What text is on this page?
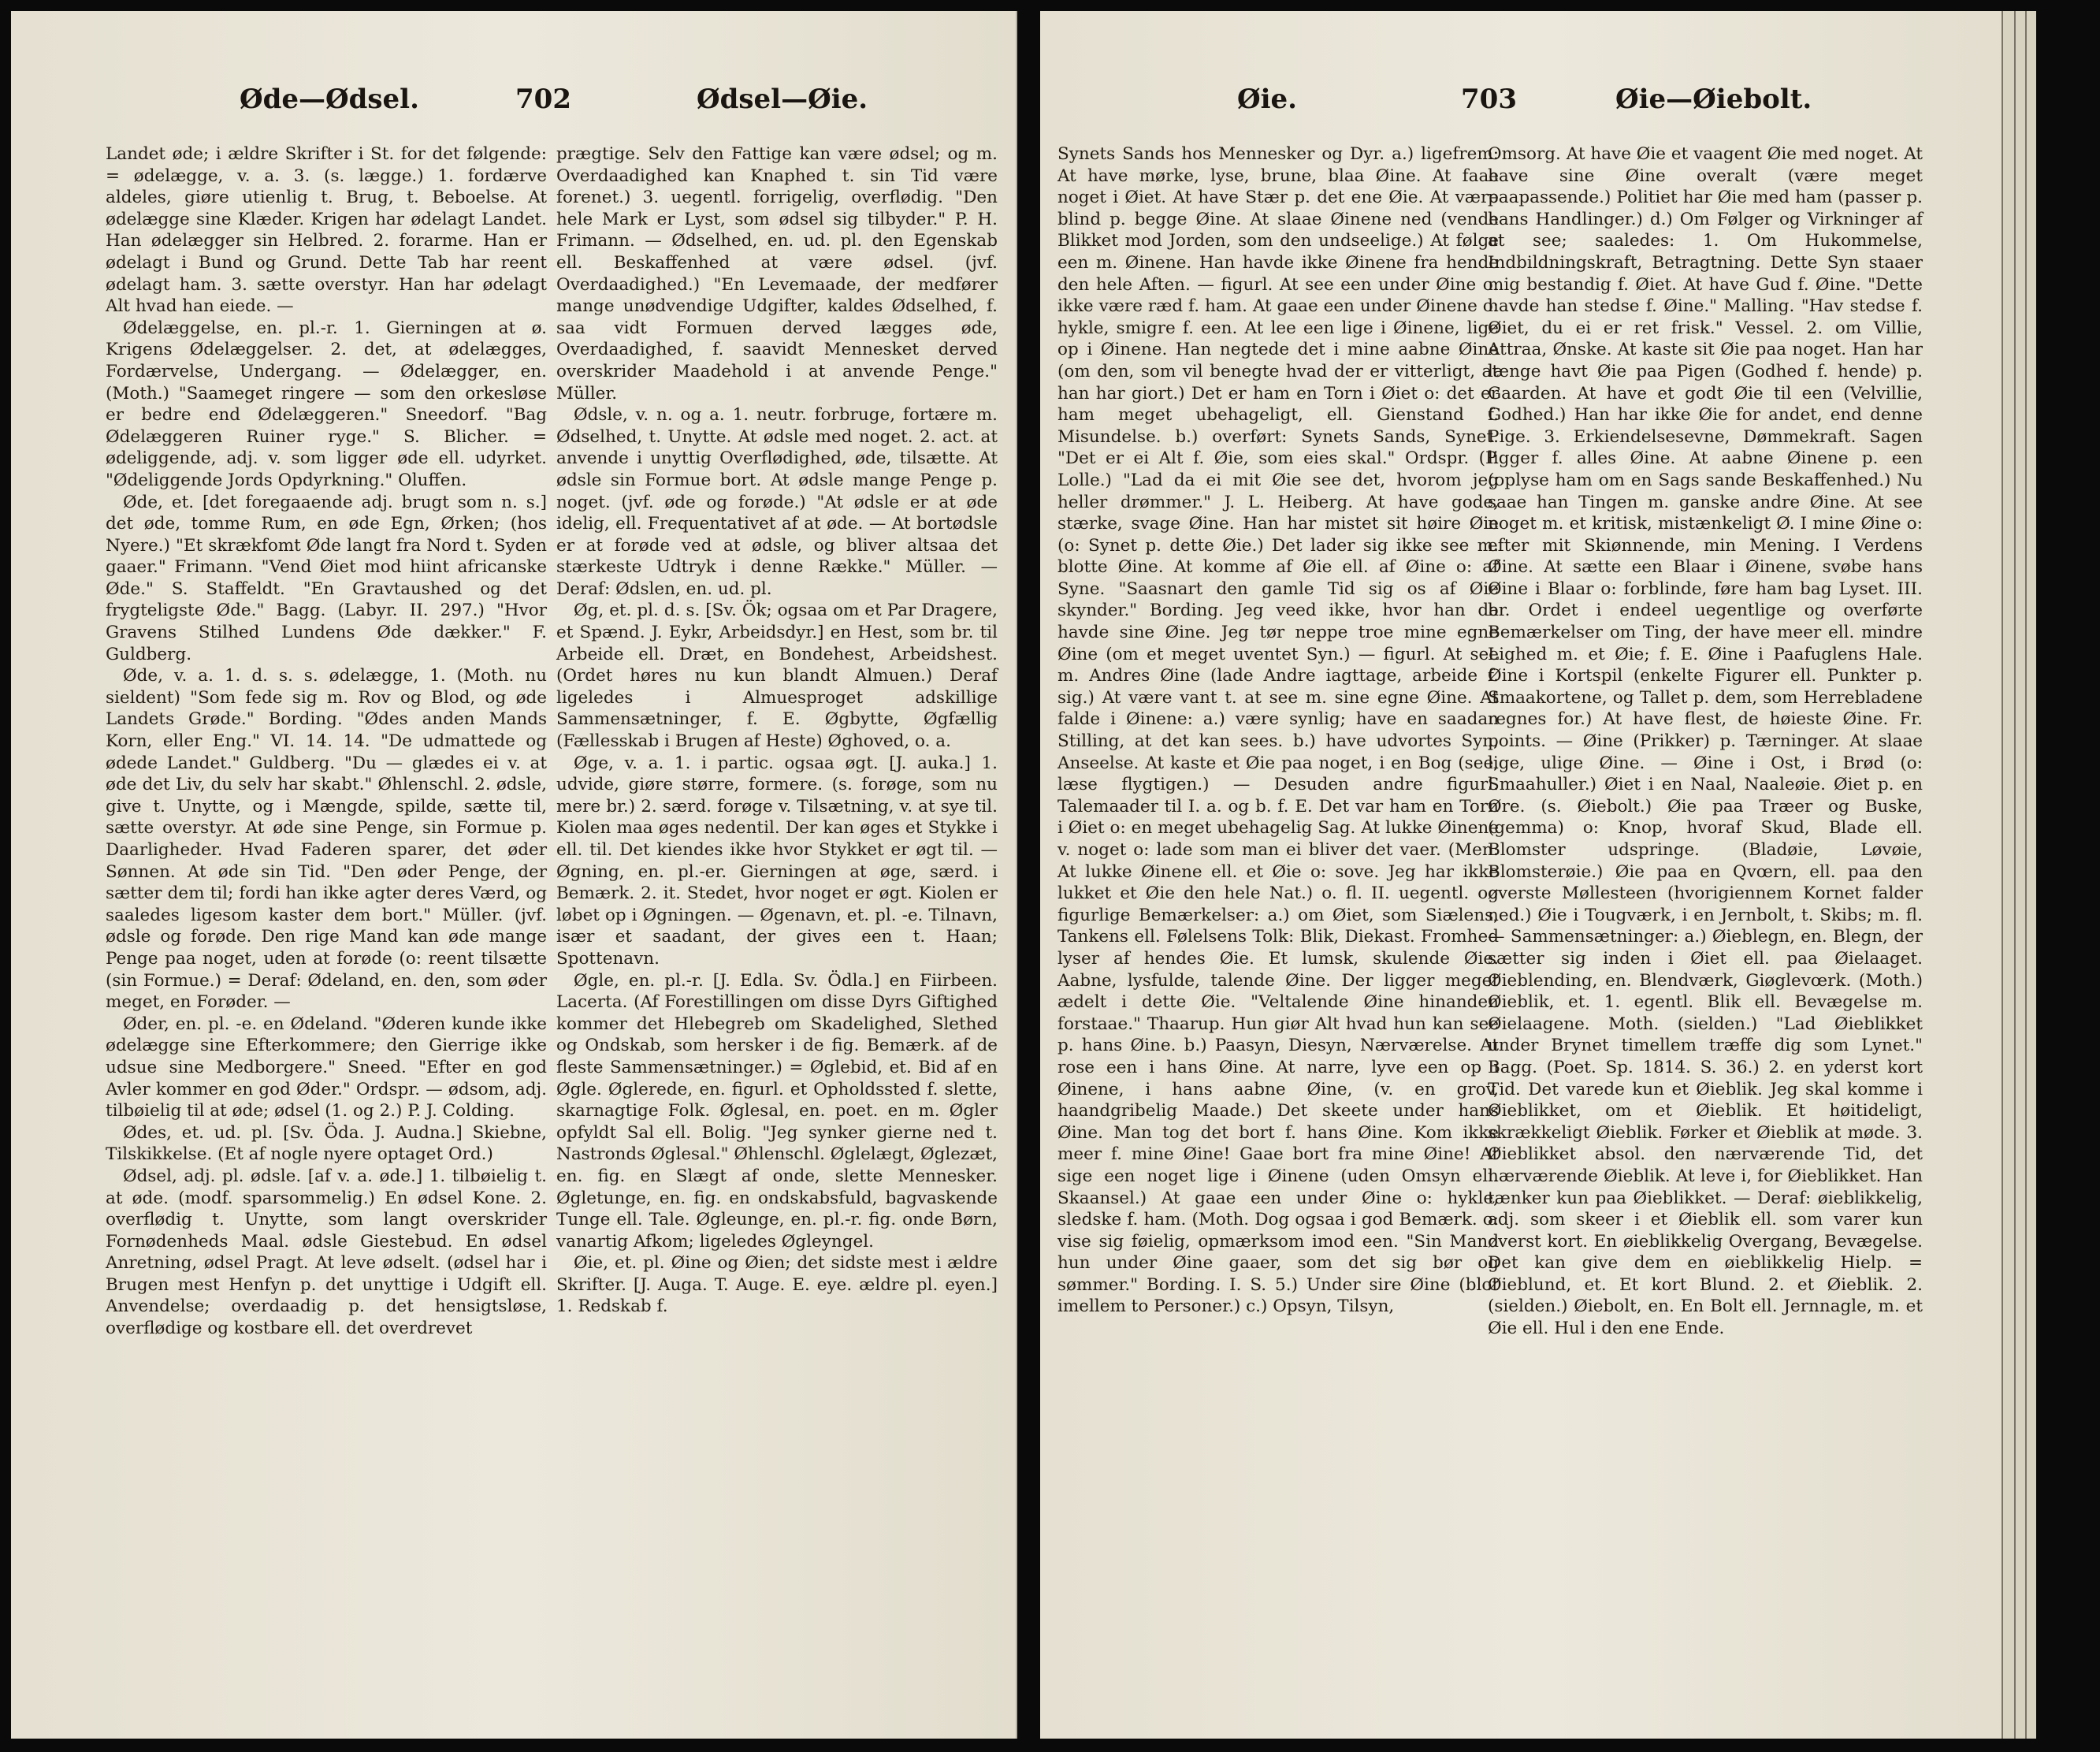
Øde—Ødsel.	702	Ødsel—Øie.

Landet øde; i ældre Skrifter i St. for det følgende: = ødelægge, v. a. 3. (s. lægge.) 1. fordærve aldeles, giøre utienlig t. Brug, t. Beboelse. At ødelægge sine Klæder. Krigen har ødelagt Landet. Han ødelægger sin Helbred. 2. forarme. Han er ødelagt i Bund og Grund. Dette Tab har reent ødelagt ham. 3. sætte overstyr. Han har ødelagt Alt hvad han eiede. —

Ødelæggelse, en. pl.-r. 1. Gierningen at ø. Krigens Ødelæggelser. 2. det, at ødelægges, Fordærvelse, Undergang. — Ødelægger, en. (Moth.) "Saameget ringere — som den orkesløse er bedre end Ødelæggeren." Sneedorf. "Bag Ødelæggeren Ruiner ryge." S. Blicher. = ødeliggende, adj. v. som ligger øde ell. udyrket. "Ødeliggende Jords Opdyrkning." Oluffen.

Øde, et. [det foregaaende adj. brugt som n. s.] det øde, tomme Rum, en øde Egn, Ørken; (hos Nyere.) "Et skrækfomt Øde langt fra Nord t. Syden gaaer." Frimann. "Vend Øiet mod hiint africanske Øde." S. Staffeldt. "En Gravtaushed og det frygteligste Øde." Bagg. (Labyr. II. 297.) "Hvor Gravens Stilhed Lundens Øde dækker." F. Guldberg.

Øde, v. a. 1. d. s. s. ødelægge, 1. (Moth. nu sieldent) "Som fede sig m. Rov og Blod, og øde Landets Grøde." Bording. "Ødes anden Mands Korn, eller Eng." VI. 14. 14. "De udmattede og ødede Landet." Guldberg. "Du — glædes ei v. at øde det Liv, du selv har skabt." Øhlenschl. 2. ødsle, give t. Unytte, og i Mængde, spilde, sætte til, sætte overstyr. At øde sine Penge, sin Formue p. Daarligheder. Hvad Faderen sparer, det øder Sønnen. At øde sin Tid. "Den øder Penge, der sætter dem til; fordi han ikke agter deres Værd, og saaledes ligesom kaster dem bort." Müller. (jvf. ødsle og forøde. Den rige Mand kan øde mange Penge paa noget, uden at forøde (o: reent tilsætte (sin Formue.) = Deraf: Ødeland, en. den, som øder meget, en Forøder. —

Øder, en. pl. -e. en Ødeland. "Øderen kunde ikke ødelægge sine Efterkommere; den Gierrige ikke udsue sine Medborgere." Sneed. "Efter en god Avler kommer en god Øder." Ordspr. — ødsom, adj. tilbøielig til at øde; ødsel (1. og 2.) P. J. Colding.

Ødes, et. ud. pl. [Sv. Öda. J. Audna.] Skiebne, Tilskikkelse. (Et af nogle nyere optaget Ord.)

Ødsel, adj. pl. ødsle. [af v. a. øde.] 1. tilbøielig t. at øde. (modf. sparsommelig.) En ødsel Kone. 2. overflødig t. Unytte, som langt overskrider Fornødenheds Maal. ødsle Giestebud. En ødsel Anretning, ødsel Pragt. At leve ødselt. (ødsel har i Brugen mest Henfyn p. det unyttige i Udgift ell. Anvendelse; overdaadig p. det hensigtsløse, overflødige og kostbare ell. det overdrevet

prægtige. Selv den Fattige kan være ødsel; og m. Overdaadighed kan Knaphed t. sin Tid være forenet.) 3. uegentl. forrigelig, overflødig. "Den hele Mark er Lyst, som ødsel sig tilbyder." P. H. Frimann. — Ødselhed, en. ud. pl. den Egenskab ell. Beskaffenhed at være ødsel. (jvf. Overdaadighed.) "En Levemaade, der medfører mange unødvendige Udgifter, kaldes Ødselhed, f. saa vidt Formuen derved lægges øde, Overdaadighed, f. saavidt Mennesket derved overskrider Maadehold i at anvende Penge." Müller.

Ødsle, v. n. og a. 1. neutr. forbruge, fortære m. Ødselhed, t. Unytte. At ødsle med noget. 2. act. at anvende i unyttig Overflødighed, øde, tilsætte. At ødsle sin Formue bort. At ødsle mange Penge p. noget. (jvf. øde og forøde.) "At ødsle er at øde idelig, ell. Frequentativet af at øde. — At bortødsle er at forøde ved at ødsle, og bliver altsaa det stærkeste Udtryk i denne Række." Müller. — Deraf: Ødslen, en. ud. pl.

Øg, et. pl. d. s. [Sv. Ök; ogsaa om et Par Dragere, et Spænd. J. Eykr, Arbeidsdyr.] en Hest, som br. til Arbeide ell. Dræt, en Bondehest, Arbeidshest. (Ordet høres nu kun blandt Almuen.) Deraf ligeledes i Almuesproget adskillige Sammensætninger, f. E. Øgbytte, Øgfællig (Fællesskab i Brugen af Heste) Øghoved, o. a.

Øge, v. a. 1. i partic. ogsaa øgt. [J. auka.] 1. udvide, giøre større, formere. (s. forøge, som nu mere br.) 2. særd. forøge v. Tilsætning, v. at sye til. Kiolen maa øges nedentil. Der kan øges et Stykke i ell. til. Det kiendes ikke hvor Stykket er øgt til. — Øgning, en. pl.-er. Gierningen at øge, særd. i Bemærk. 2. it. Stedet, hvor noget er øgt. Kiolen er løbet op i Øgningen. — Øgenavn, et. pl. -e. Tilnavn, især et saadant, der gives een t. Haan; Spottenavn.

Øgle, en. pl.-r. [J. Edla. Sv. Ödla.] en Fiirbeen. Lacerta. (Af Forestillingen om disse Dyrs Giftighed kommer det Hlebegreb om Skadelighed, Slethed og Ondskab, som hersker i de fig. Bemærk. af de fleste Sammensætninger.) = Øglebid, et. Bid af en Øgle. Øglerede, en. figurl. et Opholdssted f. slette, skarnagtige Folk. Øglesal, en. poet. en m. Øgler opfyldt Sal ell. Bolig. "Jeg synker gierne ned t. Nastronds Øglesal." Øhlenschl. Øglelægt, Øglezæt, en. fig. en Slægt af onde, slette Mennesker. Øgletunge, en. fig. en ondskabsfuld, bagvaskende Tunge ell. Tale. Øgleunge, en. pl.-r. fig. onde Børn, vanartig Afkom; ligeledes Øgleyngel.

Øie, et. pl. Øine og Øien; det sidste mest i ældre Skrifter. [J. Auga. T. Auge. E. eye. ældre pl. eyen.] 1. Redskab f.

Øie.	703	Øie—Øiebolt.

Synets Sands hos Mennesker og Dyr. a.) ligefrem: At have mørke, lyse, brune, blaa Øine. At faae noget i Øiet. At have Stær p. det ene Øie. At være blind p. begge Øine. At slaae Øinene ned (vende Blikket mod Jorden, som den undseelige.) At følge een m. Øinene. Han havde ikke Øinene fra hende den hele Aften. — figurl. At see een under Øine o: ikke være ræd f. ham. At gaae een under Øinene o: hykle, smigre f. een. At lee een lige i Øinene, lige op i Øinene. Han negtede det i mine aabne Øine (om den, som vil benegte hvad der er vitterligt, at han har giort.) Det er ham en Torn i Øiet o: det er ham meget ubehageligt, ell. Gienstand f. Misundelse. b.) overført: Synets Sands, Synet. "Det er ei Alt f. Øie, som eies skal." Ordspr. (P. Lolle.) "Lad da ei mit Øie see det, hvorom jeg heller drømmer." J. L. Heiberg. At have gode, stærke, svage Øine. Han har mistet sit høire Øie (o: Synet p. dette Øie.) Det lader sig ikke see m. blotte Øine. At komme af Øie ell. af Øine o: af Syne. "Saasnart den gamle Tid sig os af Øie skynder." Bording. Jeg veed ikke, hvor han da havde sine Øine. Jeg tør neppe troe mine egne Øine (om et meget uventet Syn.) — figurl. At see m. Andres Øine (lade Andre iagttage, arbeide f. sig.) At være vant t. at see m. sine egne Øine. At falde i Øinene: a.) være synlig; have en saadan Stilling, at det kan sees. b.) have udvortes Syn, Anseelse. At kaste et Øie paa noget, i en Bog (see, læse flygtigen.) — Desuden andre figurl. Talemaader til I. a. og b. f. E. Det var ham en Torn i Øiet o: en meget ubehagelig Sag. At lukke Øinene v. noget o: lade som man ei bliver det vaer. (Men: At lukke Øinene ell. et Øie o: sove. Jeg har ikke lukket et Øie den hele Nat.) o. fl. II. uegentl. og figurlige Bemærkelser: a.) om Øiet, som Siælens, Tankens ell. Følelsens Tolk: Blik, Diekast. Fromhed lyser af hendes Øie. Et lumsk, skulende Øie. Aabne, lysfulde, talende Øine. Der ligger meget ædelt i dette Øie. "Veltalende Øine hinanden forstaae." Thaarup. Hun giør Alt hvad hun kan see p. hans Øine. b.) Paasyn, Diesyn, Nærværelse. At rose een i hans Øine. At narre, lyve een op i Øinene, i hans aabne Øine, (v. en grov, haandgribelig Maade.) Det skeete under hans Øine. Man tog det bort f. hans Øine. Kom ikke meer f. mine Øine! Gaae bort fra mine Øine! At sige een noget lige i Øinene (uden Omsyn ell. Skaansel.) At gaae een under Øine o: hykle, sledske f. ham. (Moth. Dog ogsaa i god Bemærk. o: vise sig føielig, opmærksom imod een. "Sin Mand hun under Øine gaaer, som det sig bør og sømmer." Bording. I. S. 5.) Under sire Øine (blot imellem to Personer.) c.) Opsyn, Tilsyn,

Omsorg. At have Øie et vaagent Øie med noget. At have sine Øine overalt (være meget paapassende.) Politiet har Øie med ham (passer p. hans Handlinger.) d.) Om Følger og Virkninger af at see; saaledes: 1. Om Hukommelse, Indbildningskraft, Betragtning. Dette Syn staaer mig bestandig f. Øiet. At have Gud f. Øine. "Dette havde han stedse f. Øine." Malling. "Hav stedse f. Øiet, du ei er ret frisk." Vessel. 2. om Villie, Attraa, Ønske. At kaste sit Øie paa noget. Han har længe havt Øie paa Pigen (Godhed f. hende) p. Gaarden. At have et godt Øie til een (Velvillie, Godhed.) Han har ikke Øie for andet, end denne Pige. 3. Erkiendelsesevne, Dømmekraft. Sagen ligger f. alles Øine. At aabne Øinene p. een (oplyse ham om en Sags sande Beskaffenhed.) Nu saae han Tingen m. ganske andre Øine. At see noget m. et kritisk, mistænkeligt Ø. I mine Øine o: efter mit Skiønnende, min Mening. I Verdens Øine. At sætte een Blaar i Øinene, svøbe hans Øine i Blaar o: forblinde, føre ham bag Lyset. III. br. Ordet i endeel uegentlige og overførte Bemærkelser om Ting, der have meer ell. mindre Lighed m. et Øie; f. E. Øine i Paafuglens Hale. Øine i Kortspil (enkelte Figurer ell. Punkter p. Smaakortene, og Tallet p. dem, som Herrebladene regnes for.) At have flest, de høieste Øine. Fr. points. — Øine (Prikker) p. Tærninger. At slaae lige, ulige Øine. — Øine i Ost, i Brød (o: Smaahuller.) Øiet i en Naal, Naaleøie. Øiet p. en Øre. (s. Øiebolt.) Øie paa Træer og Buske, (gemma) o: Knop, hvoraf Skud, Blade ell. Blomster udspringe. (Bladøie, Løvøie, Blomsterøie.) Øie paa en Qvœrn, ell. paa den øverste Møllesteen (hvorigiennem Kornet falder ned.) Øie i Tougværk, i en Jernbolt, t. Skibs; m. fl. — Sammensætninger: a.) Øieblegn, en. Blegn, der sætter sig inden i Øiet ell. paa Øielaaget. Øieblending, en. Blendværk, Giøglevœrk. (Moth.) Øieblik, et. 1. egentl. Blik ell. Bevægelse m. Øielaagene. Moth. (sielden.) "Lad Øieblikket under Brynet timellem træffe dig som Lynet." Bagg. (Poet. Sp. 1814. S. 36.) 2. en yderst kort Tid. Det varede kun et Øieblik. Jeg skal komme i Øieblikket, om et Øieblik. Et høitideligt, skrækkeligt Øieblik. Førker et Øieblik at møde. 3. Øieblikket absol. den nærværende Tid, det nærværende Øieblik. At leve i, for Øieblikket. Han tænker kun paa Øieblikket. — Deraf: øieblikkelig, adj. som skeer i et Øieblik ell. som varer kun øverst kort. En øieblikkelig Overgang, Bevægelse. Det kan give dem en øieblikkelig Hielp. = Øieblund, et. Et kort Blund. 2. et Øieblik. 2. (sielden.) Øiebolt, en. En Bolt ell. Jernnagle, m. et Øie ell. Hul i den ene Ende.
